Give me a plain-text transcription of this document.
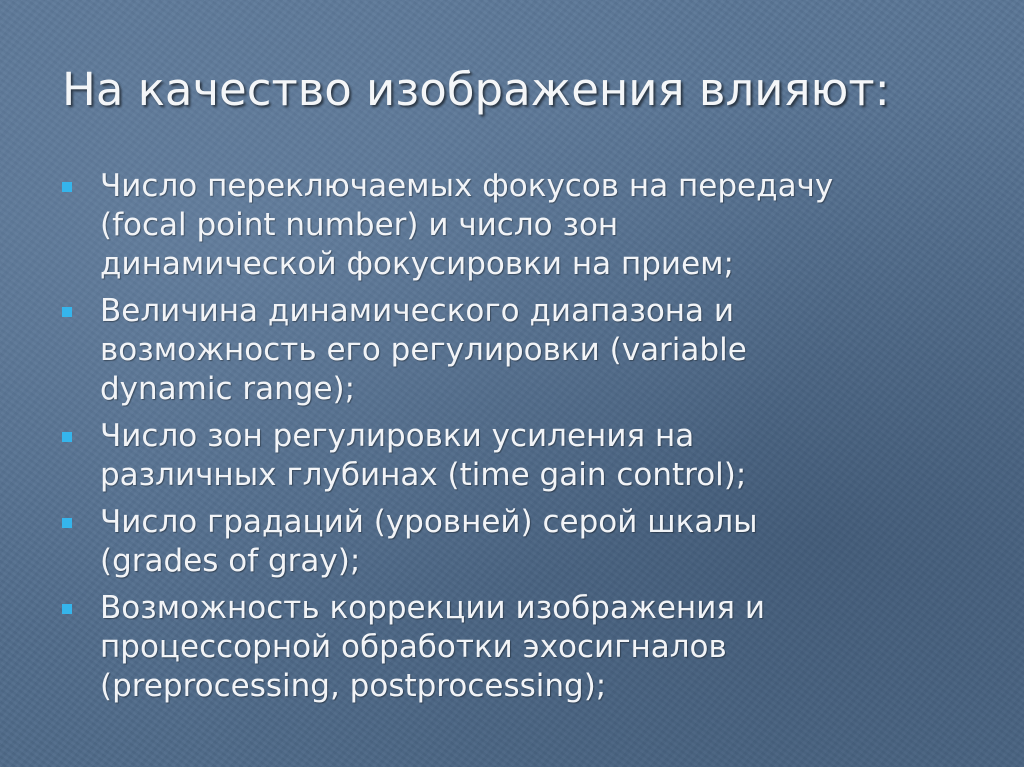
На качество изображения влияют:
Число переключаемых фокусов на передачу
(focal point number) и число зон
динамической фокусировки на прием;
Величина динамического диапазона и
возможность его регулировки (variable
dynamic range);
Число зон регулировки усиления на
различных глубинах (time gain control);
Число градаций (уровней) серой шкалы
(grades of gray);
Возможность коррекции изображения и
процессорной обработки эхосигналов
(preprocessing, postprocessing);
